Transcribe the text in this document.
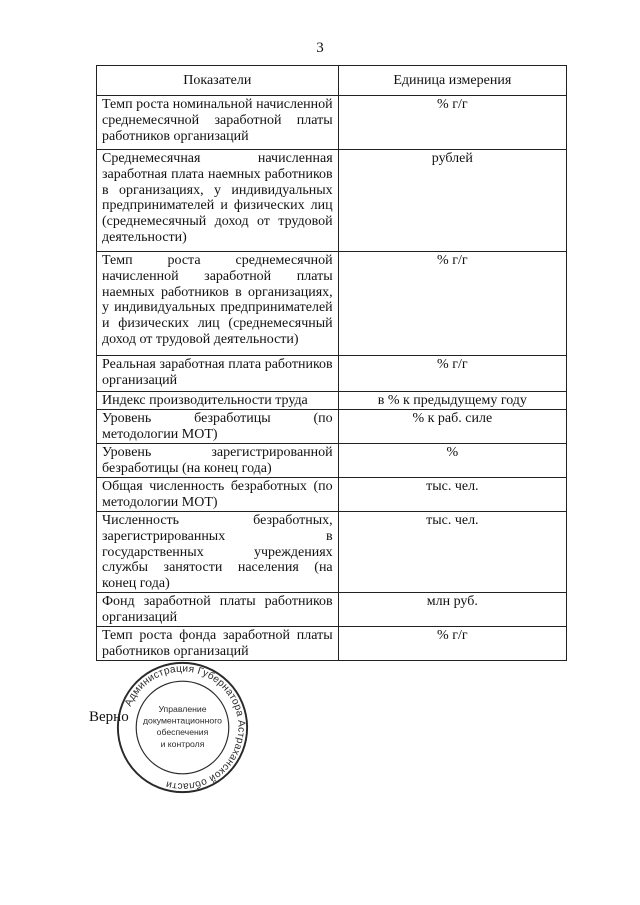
3
Показатели	Единица измерения
Темп роста номинальной начисленной среднемесячной заработной платы работников организаций	% г/г
Среднемесячная начисленная заработная плата наемных работников в организациях, у индивидуальных предпринимателей и физических лиц (среднемесячный доход от трудовой деятельности)	рублей
Темп роста среднемесячной начисленной заработной платы наемных работников в организациях, у индивидуальных предпринимателей и физических лиц (среднемесячный доход от трудовой деятельности)	% г/г
Реальная заработная плата работников организаций	% г/г
Индекс производительности труда	в % к предыдущему году
Уровень безработицы (по методологии МОТ)	% к раб. силе
Уровень зарегистрированной безработицы (на конец года)	%
Общая численность безработных (по методологии МОТ)	тыс. чел.
Численность безработных, зарегистрированных в государственных учреждениях службы занятости населения (на конец года)	тыс. чел.
Фонд заработной платы работников организаций	млн руб.
Темп роста фонда заработной платы работников организаций	% г/г
Верно
Администрация Губернатора Астраханской области
Управление
документационного
обеспечения
и контроля
